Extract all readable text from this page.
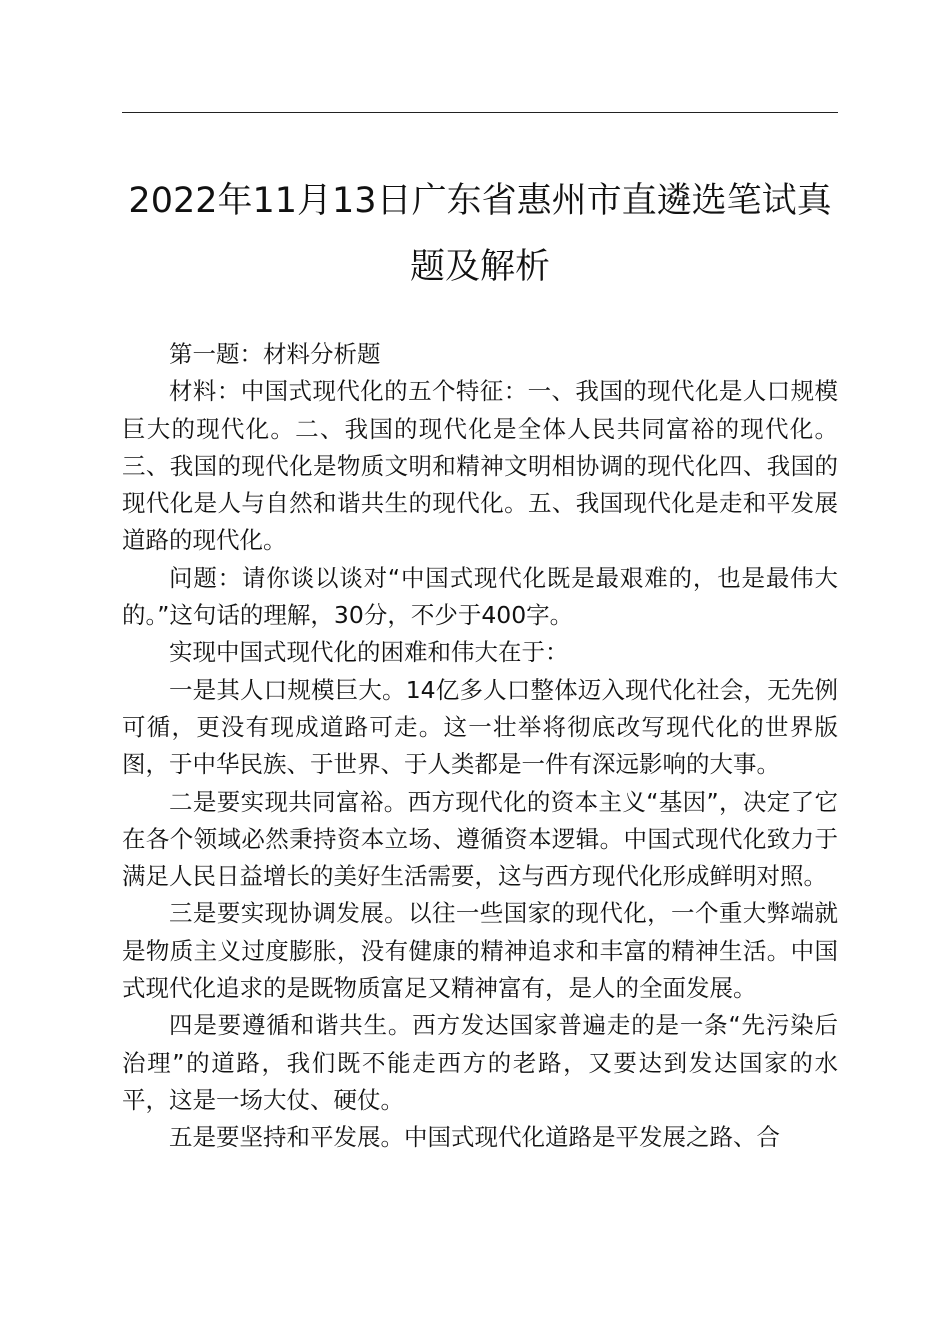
2022年11月13日广东省惠州市直遴选笔试真
题及解析

第一题：材料分析题

材料：中国式现代化的五个特征：一、我国的现代化是人口规模巨大的现代化。二、我国的现代化是全体人民共同富裕的现代化。三、我国的现代化是物质文明和精神文明相协调的现代化四、我国的现代化是人与自然和谐共生的现代化。五、我国现代化是走和平发展道路的现代化。

问题：请你谈以谈对“中国式现代化既是最艰难的，也是最伟大的。”这句话的理解，30分，不少于400字。

实现中国式现代化的困难和伟大在于：

一是其人口规模巨大。14亿多人口整体迈入现代化社会，无先例可循，更没有现成道路可走。这一壮举将彻底改写现代化的世界版图，于中华民族、于世界、于人类都是一件有深远影响的大事。

二是要实现共同富裕。西方现代化的资本主义“基因”，决定了它在各个领域必然秉持资本立场、遵循资本逻辑。中国式现代化致力于满足人民日益增长的美好生活需要，这与西方现代化形成鲜明对照。

三是要实现协调发展。以往一些国家的现代化，一个重大弊端就是物质主义过度膨胀，没有健康的精神追求和丰富的精神生活。中国式现代化追求的是既物质富足又精神富有，是人的全面发展。

四是要遵循和谐共生。西方发达国家普遍走的是一条“先污染后治理”的道路，我们既不能走西方的老路，又要达到发达国家的水平，这是一场大仗、硬仗。

五是要坚持和平发展。中国式现代化道路是平发展之路、合
